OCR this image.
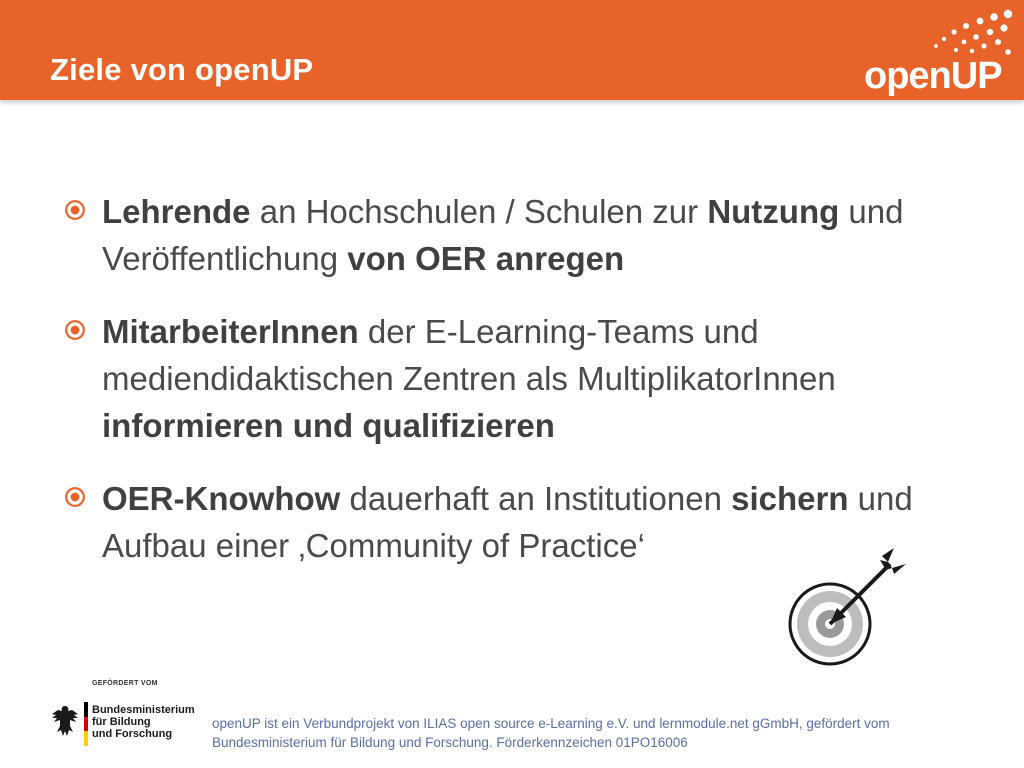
Ziele von openUP	openUP
Lehrende an Hochschulen / Schulen zur Nutzung und Veröffentlichung von OER anregen
MitarbeiterInnen der E-Learning-Teams und mediendidaktischen Zentren als MultiplikatorInnen informieren und qualifizieren
OER-Knowhow dauerhaft an Institutionen sichern und Aufbau einer ‚Community of Practice‘
GEFÖRDERT VOM
Bundesministerium
für Bildung
und Forschung
openUP ist ein Verbundprojekt von ILIAS open source e-Learning e.V. und lernmodule.net gGmbH, gefördert vom
Bundesministerium für Bildung und Forschung. Förderkennzeichen 01PO16006
